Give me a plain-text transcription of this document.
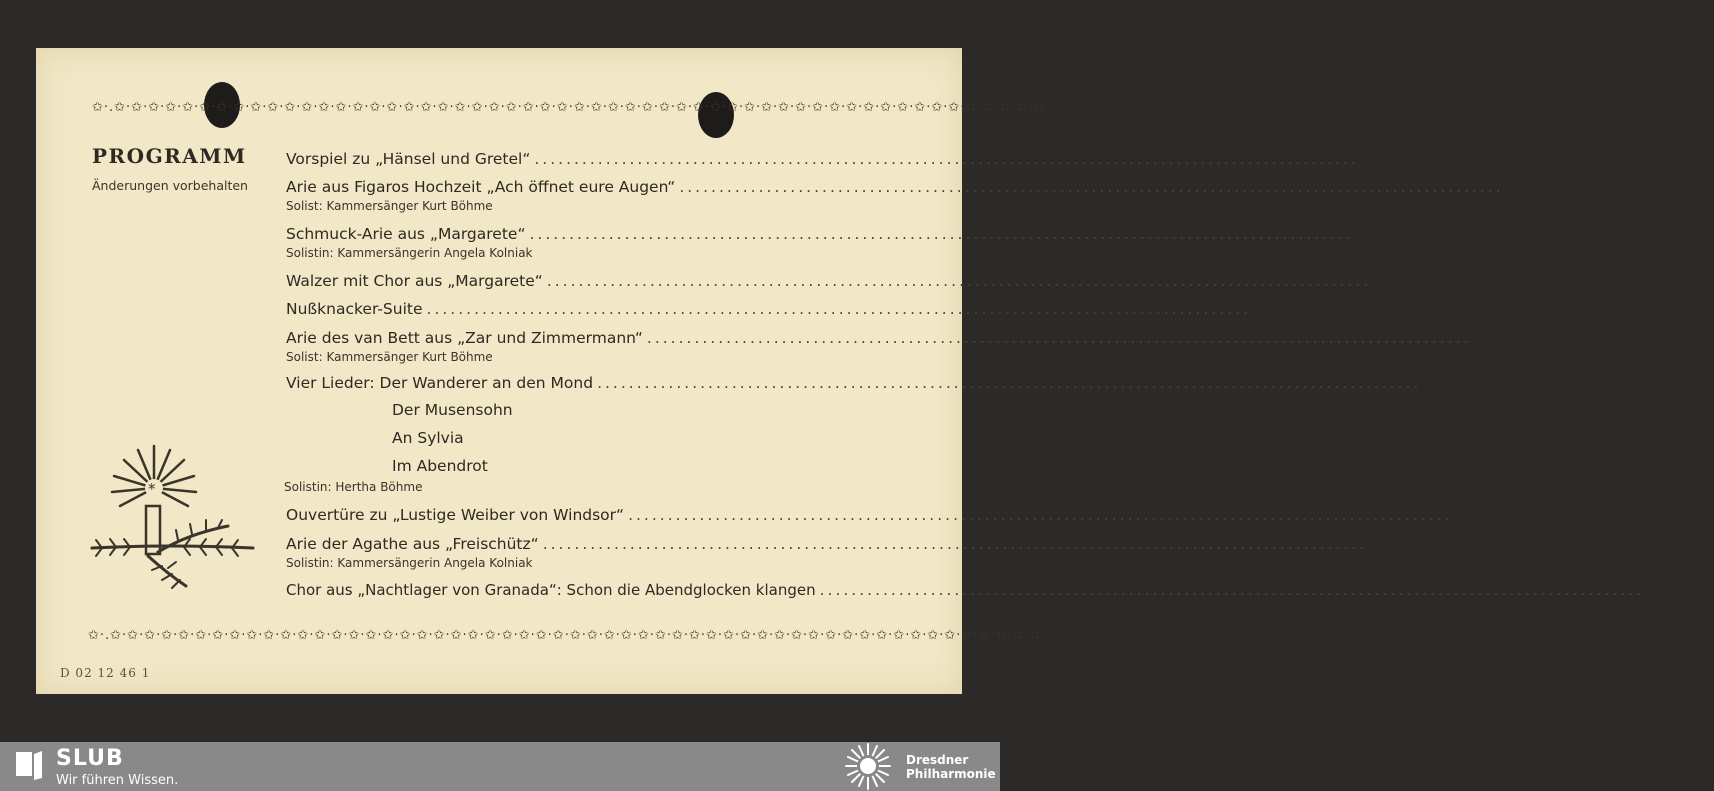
✩·.✩·✩·✩·✩·✩·✩·✩·✩·✩·✩·✩·✩·✩·✩·✩·✩·✩·✩·✩·✩·✩·✩·✩·✩·✩·✩·✩·✩·✩·✩·✩·✩·✩·✩·✩·✩·✩·✩·✩·✩·✩·✩·✩·✩·✩·✩·✩·✩·✩·✩·✩·✩·✩·✩·✩
PROGRAMM

Änderungen vorbehalten

Vorspiel zu „Hänsel und Gretel“ ........................................................................................................ Humperdinck
Arie aus Figaros Hochzeit „Ach öffnet eure Augen“ ........................................................................................................ Mozart
Solist: Kammersänger Kurt Böhme
Schmuck-Arie aus „Margarete“ ........................................................................................................ Gounod
Solistin: Kammersängerin Angela Kolniak
Walzer mit Chor aus „Margarete“ ........................................................................................................ Gounod
Nußknacker-Suite ........................................................................................................ Tschaikowsky
Arie des van Bett aus „Zar und Zimmermann“ ........................................................................................................ Lortzing
Solist: Kammersänger Kurt Böhme
Vier Lieder: Der Wanderer an den Mond ........................................................................................................ Franz Schubert
Der Musensohn
An Sylvia
Im Abendrot
Solistin: Hertha Böhme
Ouvertüre zu „Lustige Weiber von Windsor“ ........................................................................................................ Nicolai
Arie der Agathe aus „Freischütz“ ........................................................................................................ Weber
Solistin: Kammersängerin Angela Kolniak
Chor aus „Nachtlager von Granada“: Schon die Abendglocken klangen ........................................................................................................ Kreutzer
*
✩·.✩·✩·✩·✩·✩·✩·✩·✩·✩·✩·✩·✩·✩·✩·✩·✩·✩·✩·✩·✩·✩·✩·✩·✩·✩·✩·✩·✩·✩·✩·✩·✩·✩·✩·✩·✩·✩·✩·✩·✩·✩·✩·✩·✩·✩·✩·✩·✩·✩·✩·✩·✩·✩·✩·✩
D 02 12 46 1
SLUB
Wir führen Wissen.
Dresdner
Philharmonie
